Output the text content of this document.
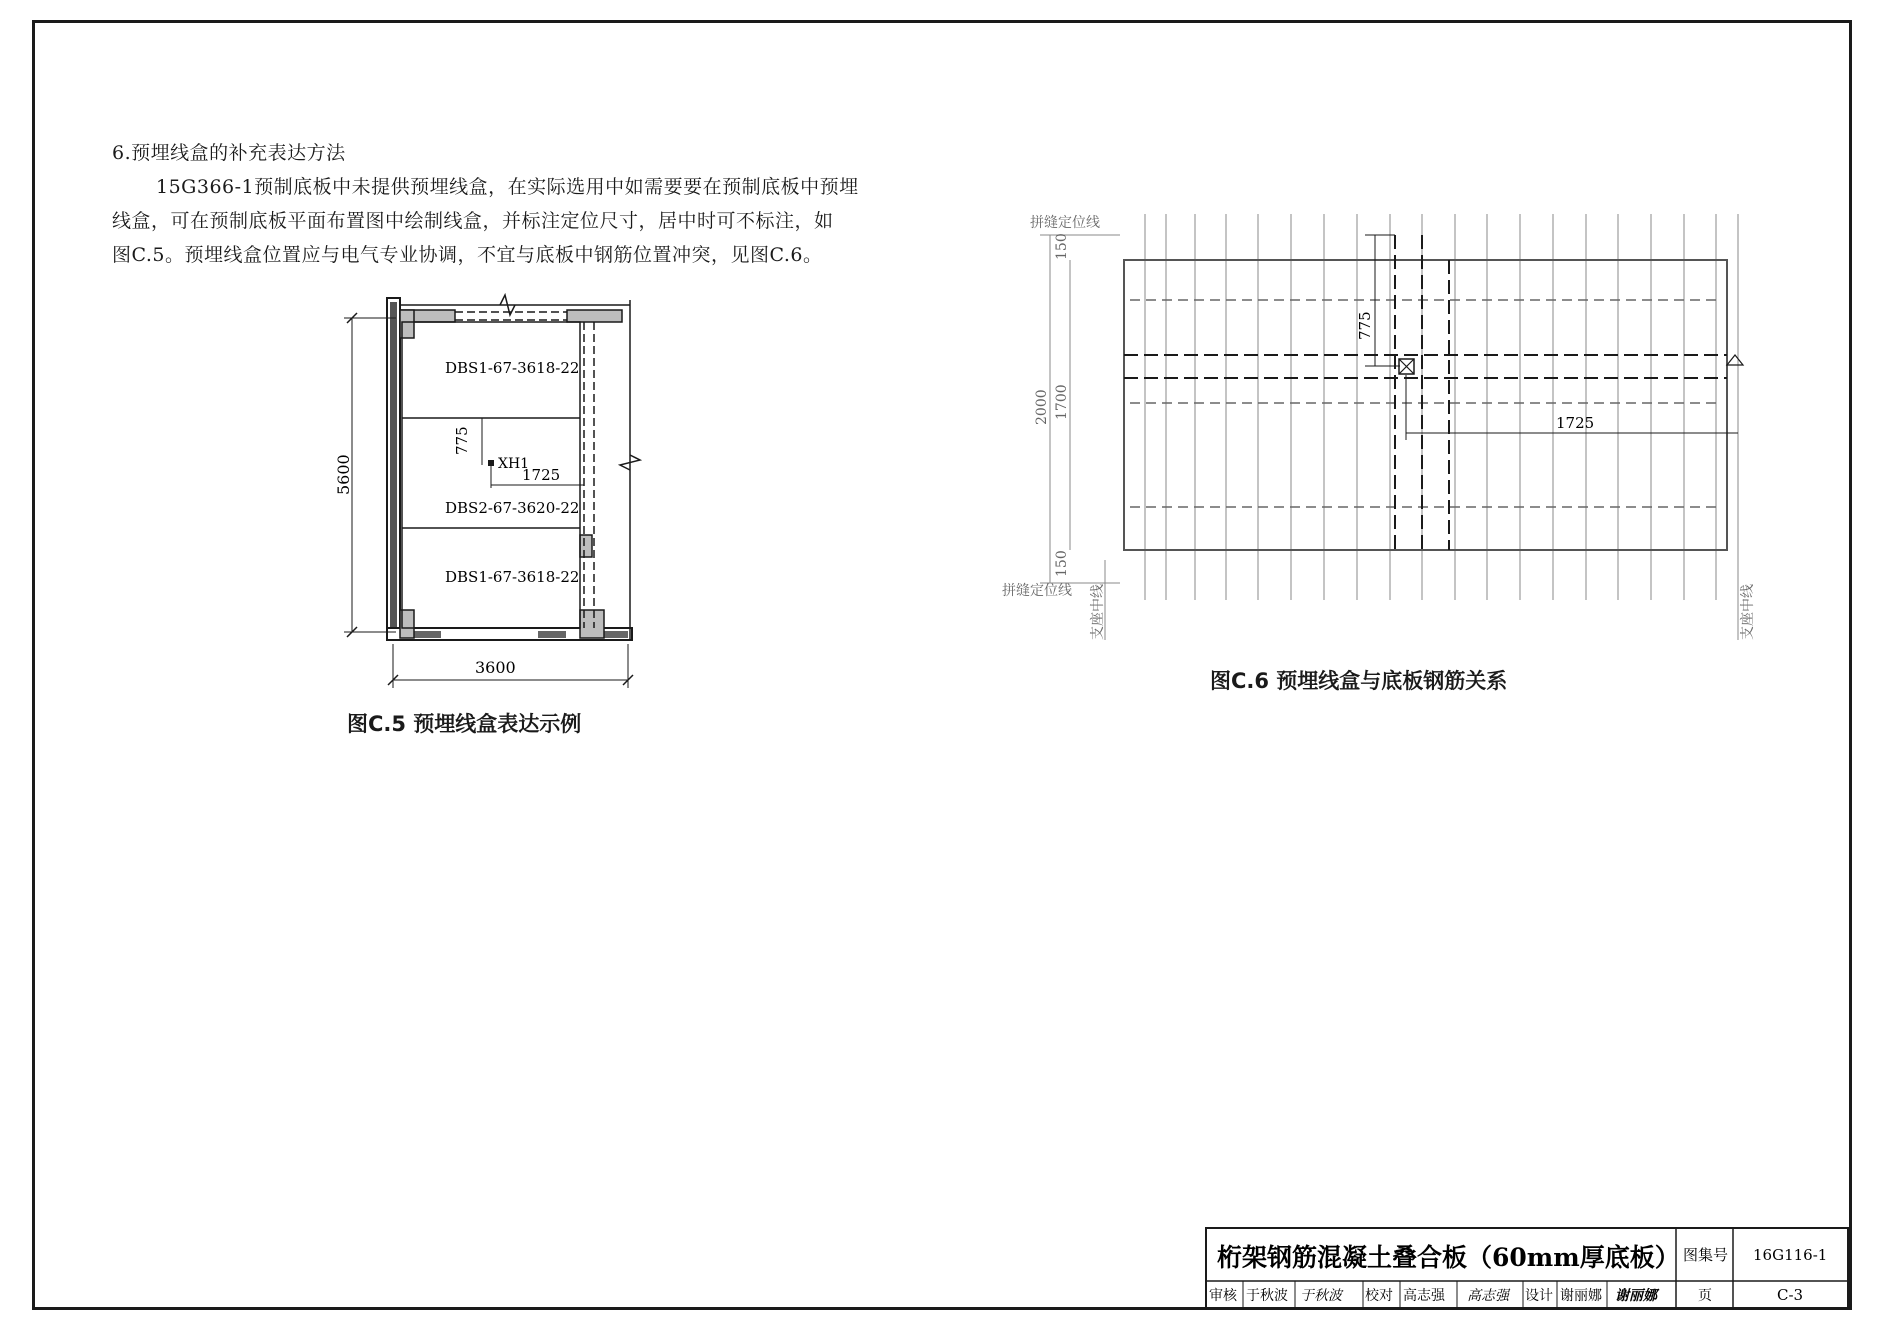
6.预埋线盒的补充表达方法
15G366-1预制底板中未提供预埋线盒，在实际选用中如需要要在预制底板中预埋
线盒，可在预制底板平面布置图中绘制线盒，并标注定位尺寸，居中时可不标注，如
图C.5。预埋线盒位置应与电气专业协调，不宜与底板中钢筋位置冲突，见图C.6。
DBS1-67-3618-22
DBS2-67-3620-22
DBS1-67-3618-22
XH1
1725
775
5600
3600
图C.5 预埋线盒表达示例
拼缝定位线
拼缝定位线 支座中线	支座中线
150
150
2000 1700
775
1725
图C.6 预埋线盒与底板钢筋关系
桁架钢筋混凝土叠合板（60mm厚底板） 图集号 16G116-1
审核 于秋波 于秋波 校对 高志强 高志强 设计 谢丽娜 谢丽娜	页	C-3
